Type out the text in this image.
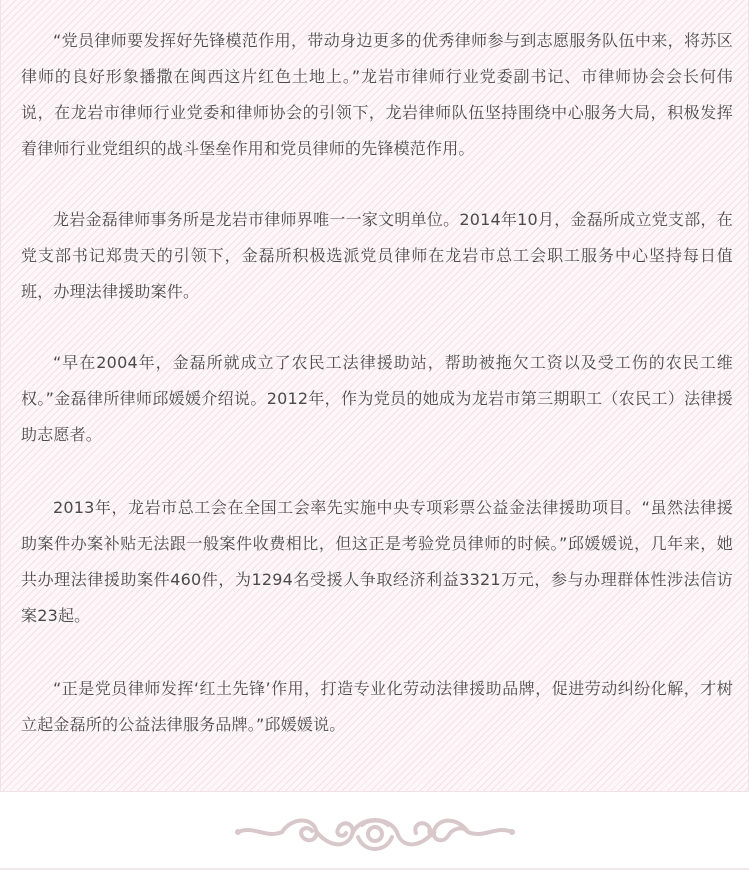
“党员律师要发挥好先锋模范作用，带动身边更多的优秀律师参与到志愿服务队伍中来，将苏区律师的良好形象播撒在闽西这片红色土地上。”龙岩市律师行业党委副书记、市律师协会会长何伟说，在龙岩市律师行业党委和律师协会的引领下，龙岩律师队伍坚持围绕中心服务大局，积极发挥着律师行业党组织的战斗堡垒作用和党员律师的先锋模范作用。

龙岩金磊律师事务所是龙岩市律师界唯一一家文明单位。2014年10月，金磊所成立党支部，在党支部书记郑贵天的引领下，金磊所积极选派党员律师在龙岩市总工会职工服务中心坚持每日值班，办理法律援助案件。

“早在2004年，金磊所就成立了农民工法律援助站，帮助被拖欠工资以及受工伤的农民工维权。”金磊律所律师邱媛媛介绍说。2012年，作为党员的她成为龙岩市第三期职工（农民工）法律援助志愿者。

2013年，龙岩市总工会在全国工会率先实施中央专项彩票公益金法律援助项目。“虽然法律援助案件办案补贴无法跟一般案件收费相比，但这正是考验党员律师的时候。”邱媛媛说，几年来，她共办理法律援助案件460件，为1294名受援人争取经济利益3321万元，参与办理群体性涉法信访案23起。

“正是党员律师发挥‘红土先锋’作用，打造专业化劳动法律援助品牌，促进劳动纠纷化解，才树立起金磊所的公益法律服务品牌。”邱媛媛说。
